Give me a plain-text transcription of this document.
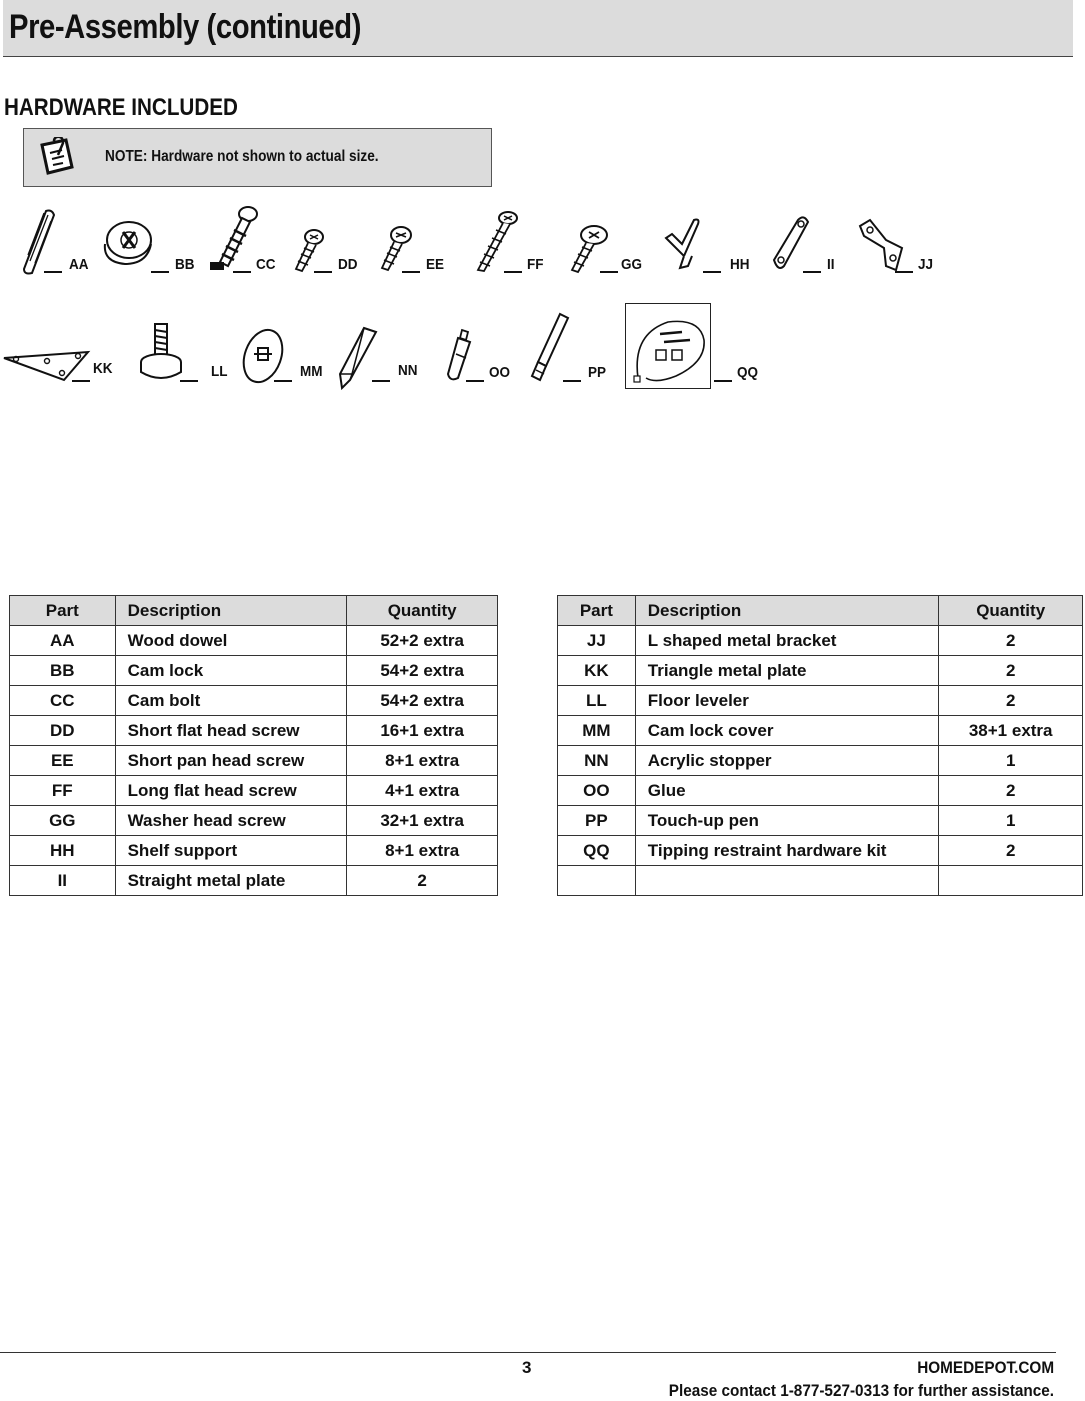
Pre-Assembly (continued)
HARDWARE INCLUDED
NOTE: Hardware not shown to actual size.
AA	BB	CC	DD	EE	FF	GG	HH	II	JJ
KK	LL	MM	NN	OO	PP	QQ
Part	Description	Quantity
AA	Wood dowel	52+2 extra
BB	Cam lock	54+2 extra
CC	Cam bolt	54+2 extra
DD	Short flat head screw	16+1 extra
EE	Short pan head screw	8+1 extra
FF	Long flat head screw	4+1 extra
GG	Washer head screw	32+1 extra
HH	Shelf support	8+1 extra
II	Straight metal plate	2
Part	Description	Quantity
JJ	L shaped metal bracket	2
KK	Triangle metal plate	2
LL	Floor leveler	2
MM	Cam lock cover	38+1 extra
NN	Acrylic stopper	1
OO	Glue	2
PP	Touch-up pen	1
QQ	Tipping restraint hardware kit	2

3	HOMEDEPOT.COM
Please contact 1-877-527-0313 for further assistance.
